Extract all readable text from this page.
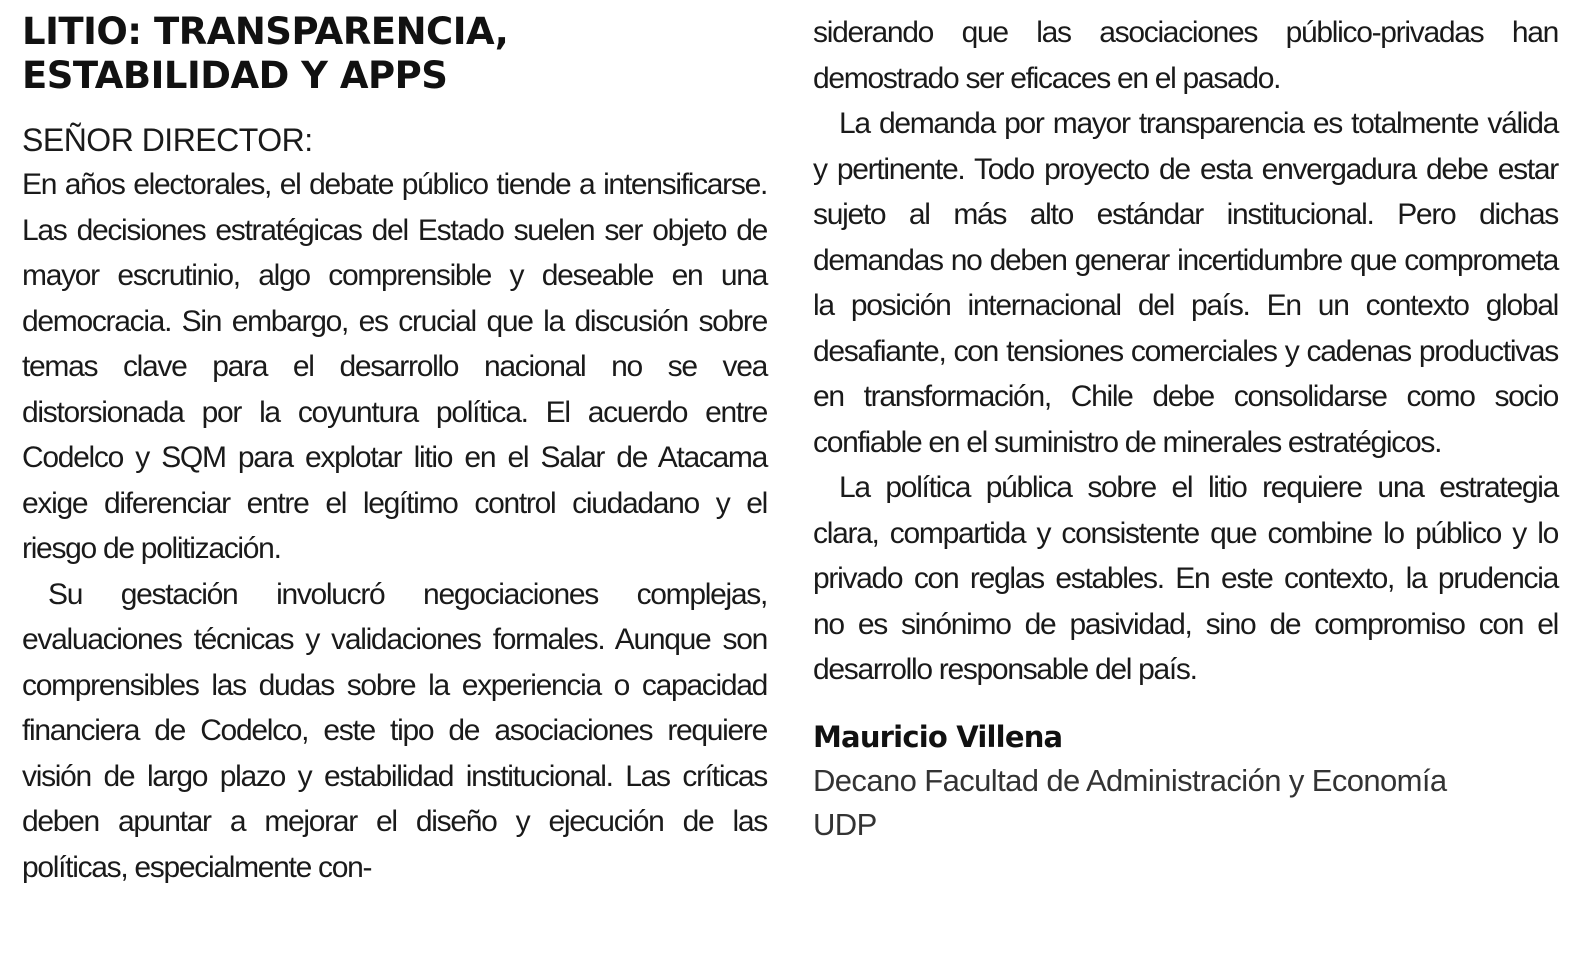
LITIO: TRANSPARENCIA, ESTABILIDAD Y APPS

SEÑOR DIRECTOR:

En años electorales, el debate público tiende a intensificarse. Las decisiones estratégicas del Estado suelen ser objeto de mayor escrutinio, algo comprensible y deseable en una democracia. Sin embargo, es crucial que la discusión sobre temas clave para el desarrollo nacional no se vea distorsionada por la coyuntura política. El acuerdo entre Codelco y SQM para explotar litio en el Salar de Atacama exige diferenciar entre el legítimo control ciudadano y el riesgo de politización.

Su gestación involucró negociaciones complejas, evaluaciones técnicas y validaciones formales. Aunque son comprensibles las dudas sobre la experiencia o capacidad financiera de Codelco, este tipo de asociaciones requiere visión de largo plazo y estabilidad institucional. Las críticas deben apuntar a mejorar el diseño y ejecución de las políticas, especialmente con-

siderando que las asociaciones público-privadas han demostrado ser eficaces en el pasado.

La demanda por mayor transparencia es totalmente válida y pertinente. Todo proyecto de esta envergadura debe estar sujeto al más alto estándar institucional. Pero dichas demandas no deben generar incertidumbre que comprometa la posición internacional del país. En un contexto global desafiante, con tensiones comerciales y cadenas productivas en transformación, Chile debe consolidarse como socio confiable en el suministro de minerales estratégicos.

La política pública sobre el litio requiere una estrategia clara, compartida y consistente que combine lo público y lo privado con reglas estables. En este contexto, la prudencia no es sinónimo de pasividad, sino de compromiso con el desarrollo responsable del país.

Mauricio Villena
Decano Facultad de Administración y Economía
UDP
